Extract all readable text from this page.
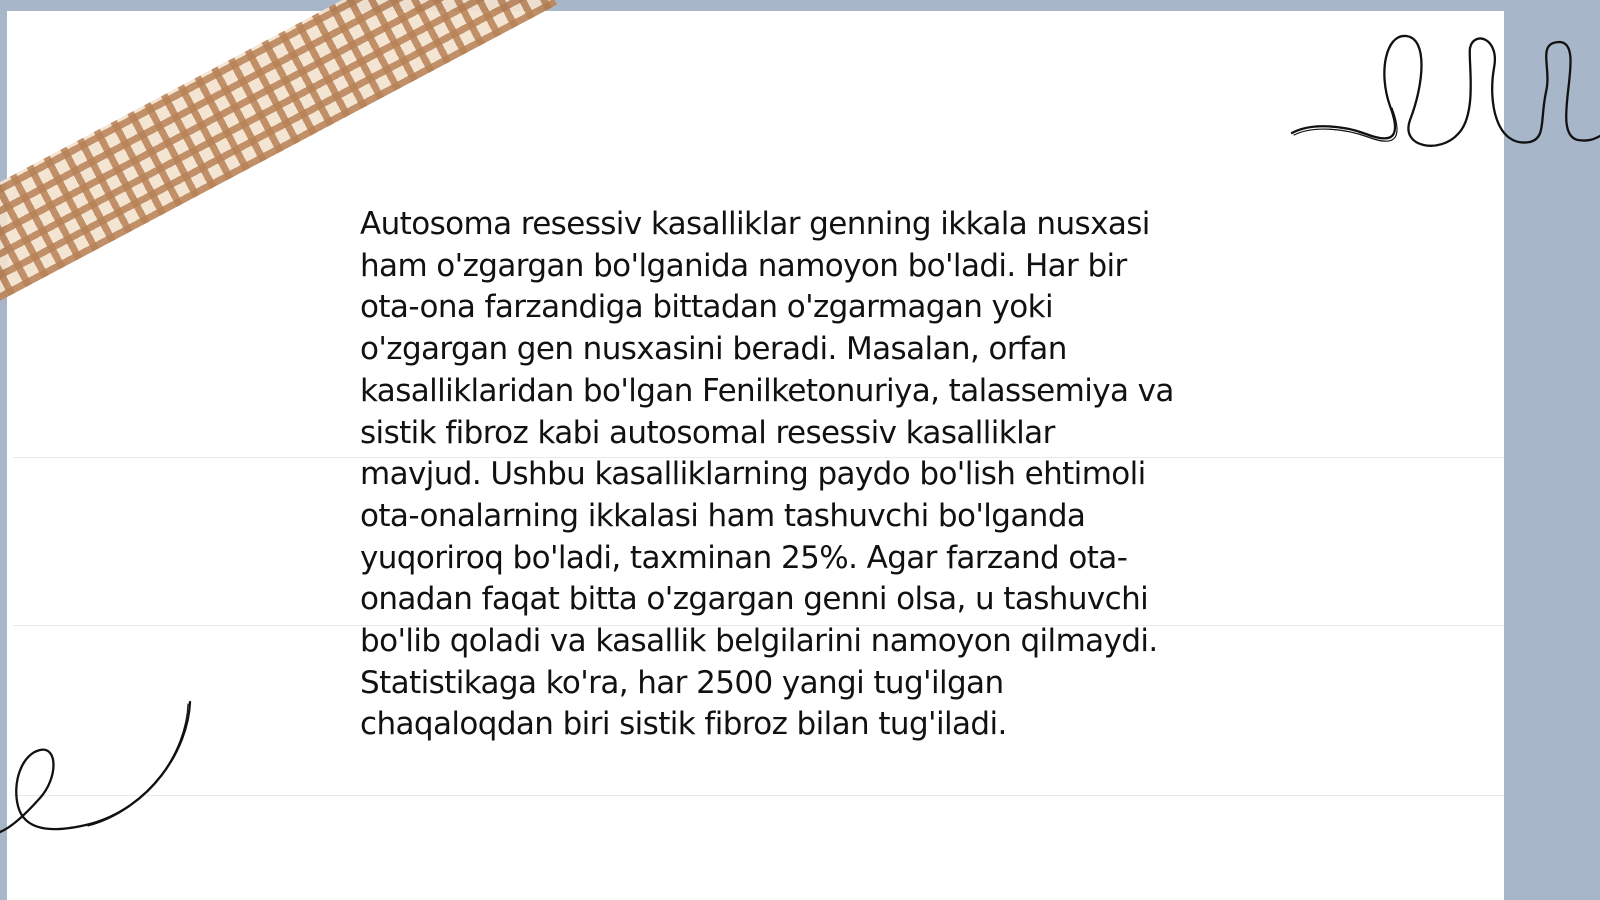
Autosoma resessiv kasalliklar genning ikkala nusxasi
ham o'zgargan bo'lganida namoyon bo'ladi. Har bir
ota-ona farzandiga bittadan o'zgarmagan yoki
o'zgargan gen nusxasini beradi. Masalan, orfan
kasalliklaridan bo'lgan Fenilketonuriya, talassemiya va
sistik fibroz kabi autosomal resessiv kasalliklar
mavjud. Ushbu kasalliklarning paydo bo'lish ehtimoli
ota-onalarning ikkalasi ham tashuvchi bo'lganda
yuqoriroq bo'ladi, taxminan 25%. Agar farzand ota-
onadan faqat bitta o'zgargan genni olsa, u tashuvchi
bo'lib qoladi va kasallik belgilarini namoyon qilmaydi.
Statistikaga ko'ra, har 2500 yangi tug'ilgan
chaqaloqdan biri sistik fibroz bilan tug'iladi.
